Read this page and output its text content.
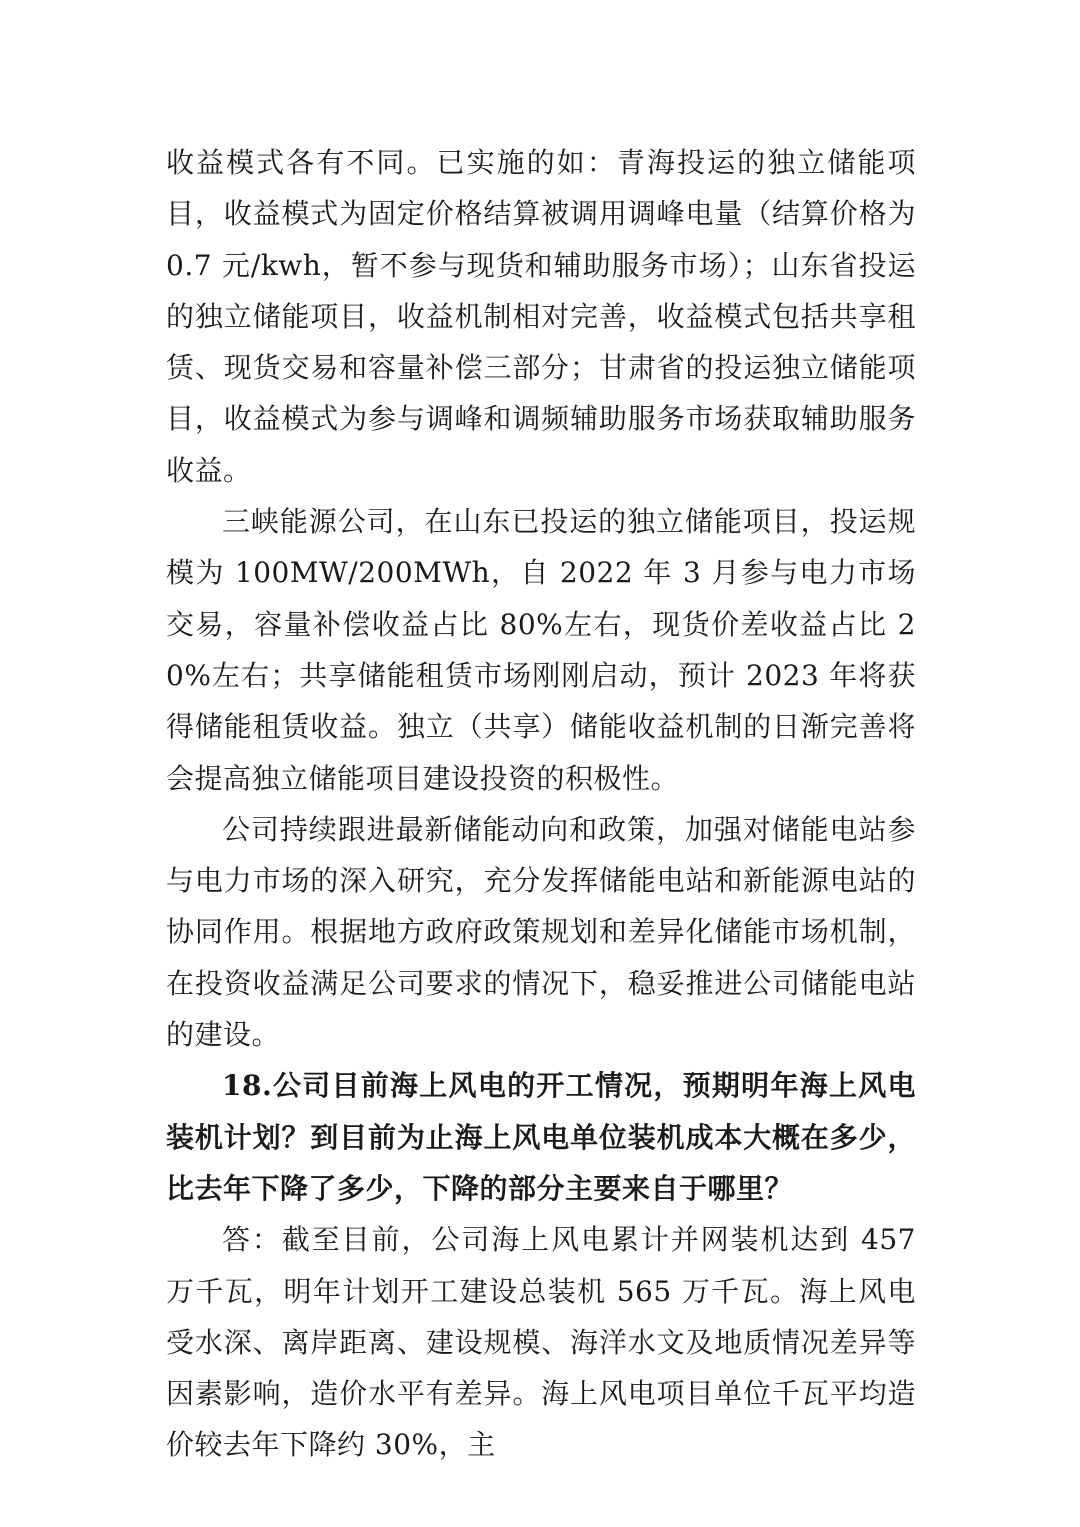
收益模式各有不同。已实施的如：青海投运的独立储能项目，收益模式为固定价格结算被调用调峰电量（结算价格为 0.7 元/kwh，暂不参与现货和辅助服务市场）；山东省投运的独立储能项目，收益机制相对完善，收益模式包括共享租赁、现货交易和容量补偿三部分；甘肃省的投运独立储能项目，收益模式为参与调峰和调频辅助服务市场获取辅助服务收益。

三峡能源公司，在山东已投运的独立储能项目，投运规模为 100MW/200MWh，自 2022 年 3 月参与电力市场交易，容量补偿收益占比 80%左右，现货价差收益占比 20%左右；共享储能租赁市场刚刚启动，预计 2023 年将获得储能租赁收益。独立（共享）储能收益机制的日渐完善将会提高独立储能项目建设投资的积极性。

公司持续跟进最新储能动向和政策，加强对储能电站参与电力市场的深入研究，充分发挥储能电站和新能源电站的协同作用。根据地方政府政策规划和差异化储能市场机制，在投资收益满足公司要求的情况下，稳妥推进公司储能电站的建设。

18.公司目前海上风电的开工情况，预期明年海上风电装机计划？到目前为止海上风电单位装机成本大概在多少，比去年下降了多少，下降的部分主要来自于哪里？

答：截至目前，公司海上风电累计并网装机达到 457 万千瓦，明年计划开工建设总装机 565 万千瓦。海上风电受水深、离岸距离、建设规模、海洋水文及地质情况差异等因素影响，造价水平有差异。海上风电项目单位千瓦平均造价较去年下降约 30%，主
